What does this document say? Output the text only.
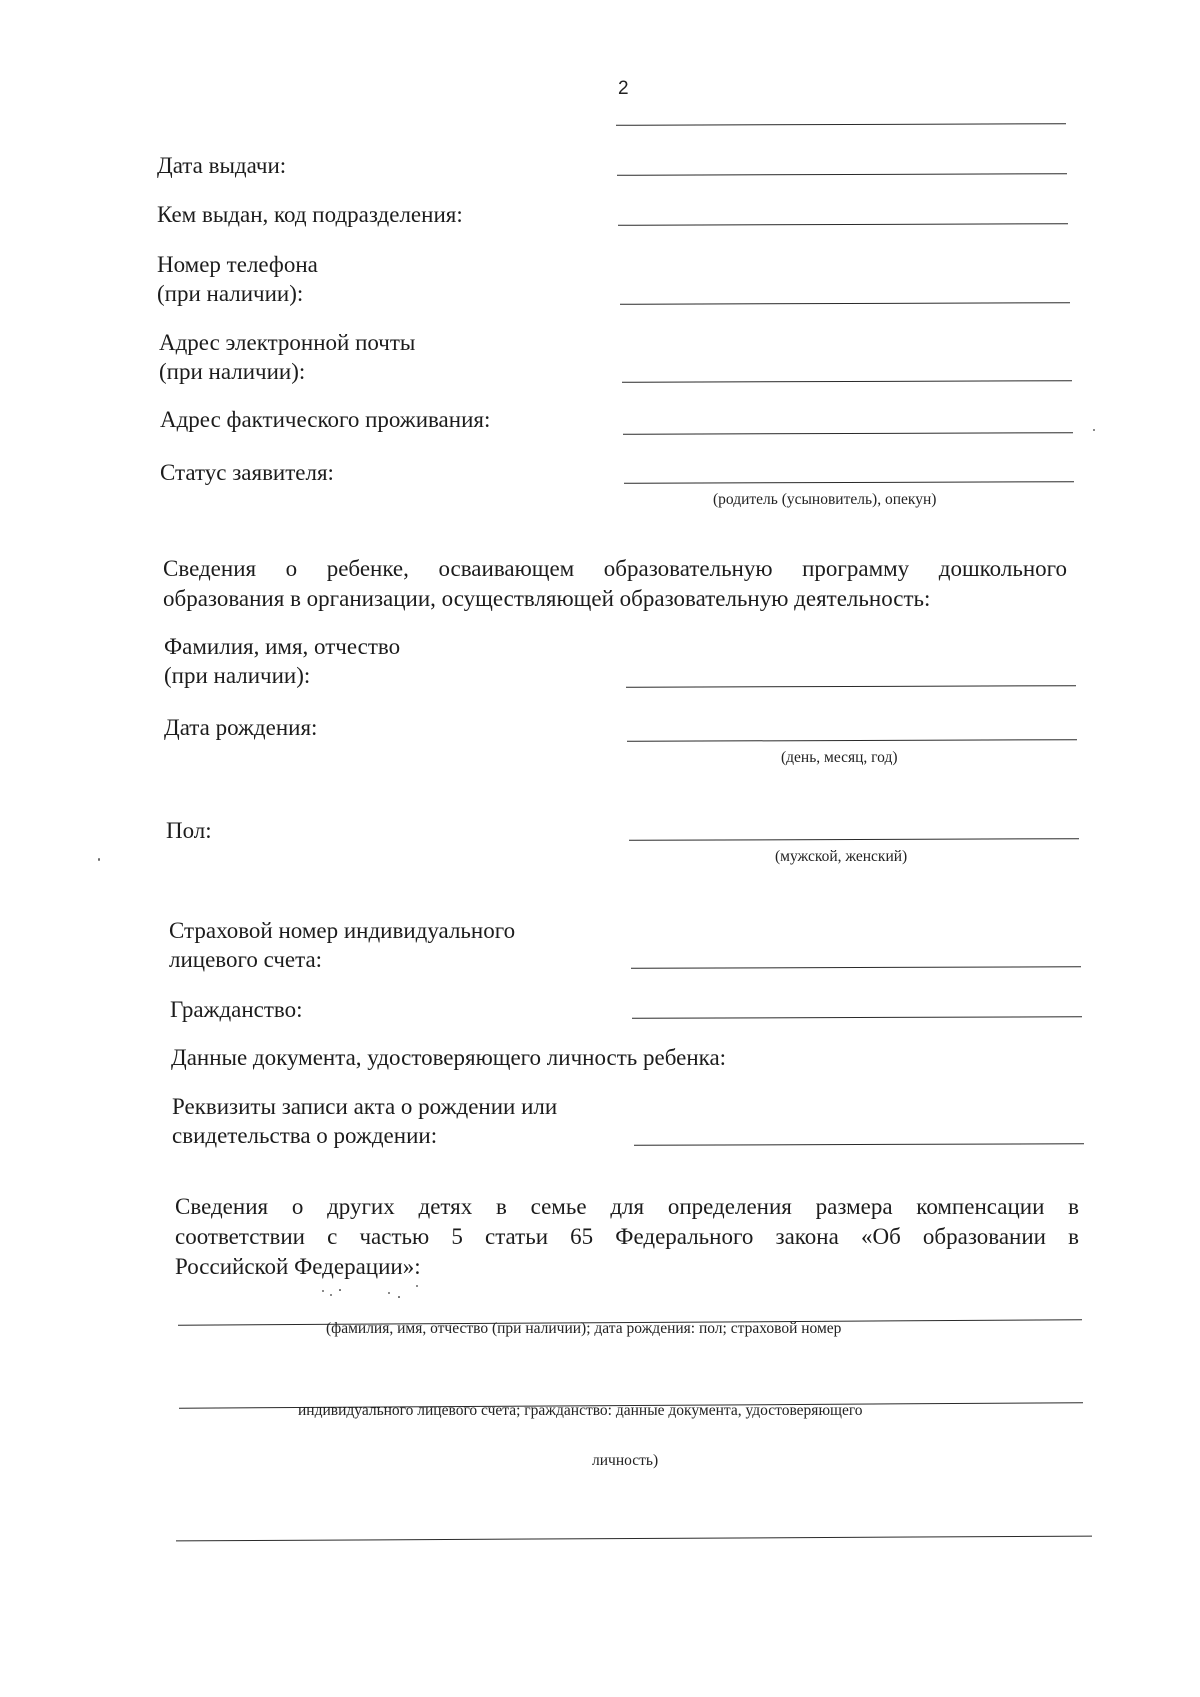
2
Дата выдачи:
Кем выдан, код подразделения:
Номер телефона
(при наличии):
Адрес электронной почты
(при наличии):
Адрес фактического проживания:
Статус заявителя:
(родитель (усыновитель), опекун)
Сведения о ребенке, осваивающем образовательную программу дошкольного
образования в организации, осуществляющей образовательную деятельность:
Фамилия, имя, отчество
(при наличии):
Дата рождения:
(день, месяц, год)
Пол:
(мужской, женский)
Страховой номер индивидуального
лицевого счета:
Гражданство:
Данные документа, удостоверяющего личность ребенка:
Реквизиты записи акта о рождении или
свидетельства о рождении:
Сведения о других детях в семье для определения размера компенсации в
соответствии с частью 5 статьи 65 Федерального закона «Об образовании в
Российской Федерации»:
(фамилия, имя, отчество (при наличии); дата рождения: пол; страховой номер
индивидуального лицевого счета; гражданство: данные документа, удостоверяющего
личность)
